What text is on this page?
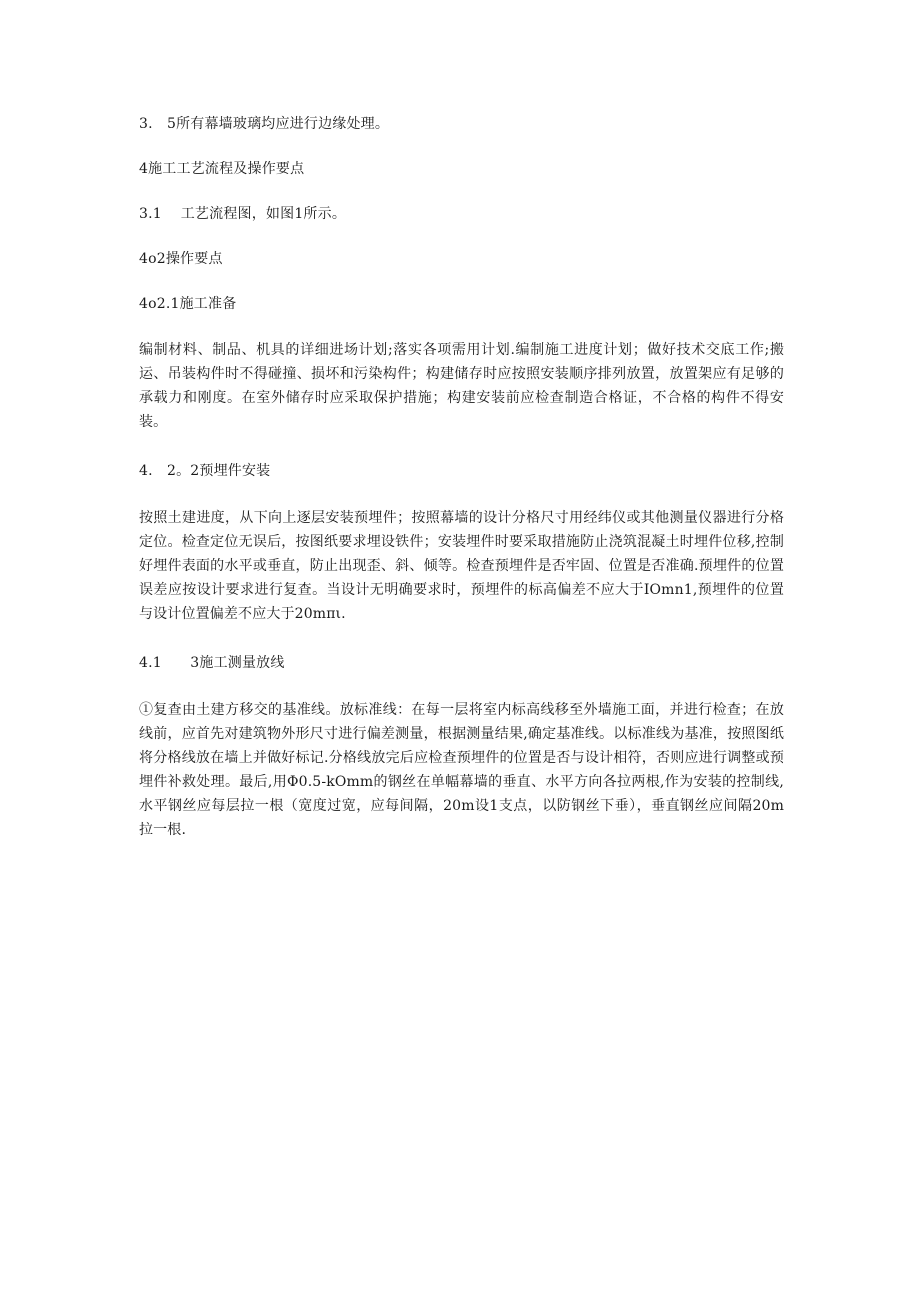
3.　5所有幕墙玻璃均应进行边缘处理。
4施工工艺流程及操作要点
3.1　 工艺流程图，如图1所示。
4o2操作要点
4o2.1施工准备
编制材料、制品、机具的详细进场计划;落实各项需用计划.编制施工进度计划；做好技术交底工作;搬运、吊装构件时不得碰撞、损坏和污染构件；构建储存时应按照安装顺序排列放置，放置架应有足够的承载力和刚度。在室外储存时应采取保护措施；构建安装前应检查制造合格证，不合格的构件不得安装。
4.　2。2预埋件安装
按照土建进度，从下向上逐层安装预埋件；按照幕墙的设计分格尺寸用经纬仪或其他测量仪器进行分格定位。检查定位无误后，按图纸要求埋设铁件；安装埋件时要采取措施防止浇筑混凝土时埋件位移,控制好埋件表面的水平或垂直，防止出现歪、斜、倾等。检查预埋件是否牢固、位置是否准确.预埋件的位置误差应按设计要求进行复查。当设计无明确要求时，预埋件的标高偏差不应大于IOmn1,预埋件的位置与设计位置偏差不应大于20mπι.
4.1　　3施工测量放线
①复查由土建方移交的基准线。放标准线：在每一层将室内标高线移至外墙施工面，并进行检查；在放线前，应首先对建筑物外形尺寸进行偏差测量，根据测量结果,确定基准线。以标准线为基准，按照图纸将分格线放在墙上并做好标记.分格线放完后应检查预埋件的位置是否与设计相符，否则应进行调整或预埋件补救处理。最后,用Φ0.5-kOmm的钢丝在单幅幕墙的垂直、水平方向各拉两根,作为安装的控制线,水平钢丝应每层拉一根（宽度过宽，应每间隔，20m设1支点，以防钢丝下垂），垂直钢丝应间隔20m拉一根.
